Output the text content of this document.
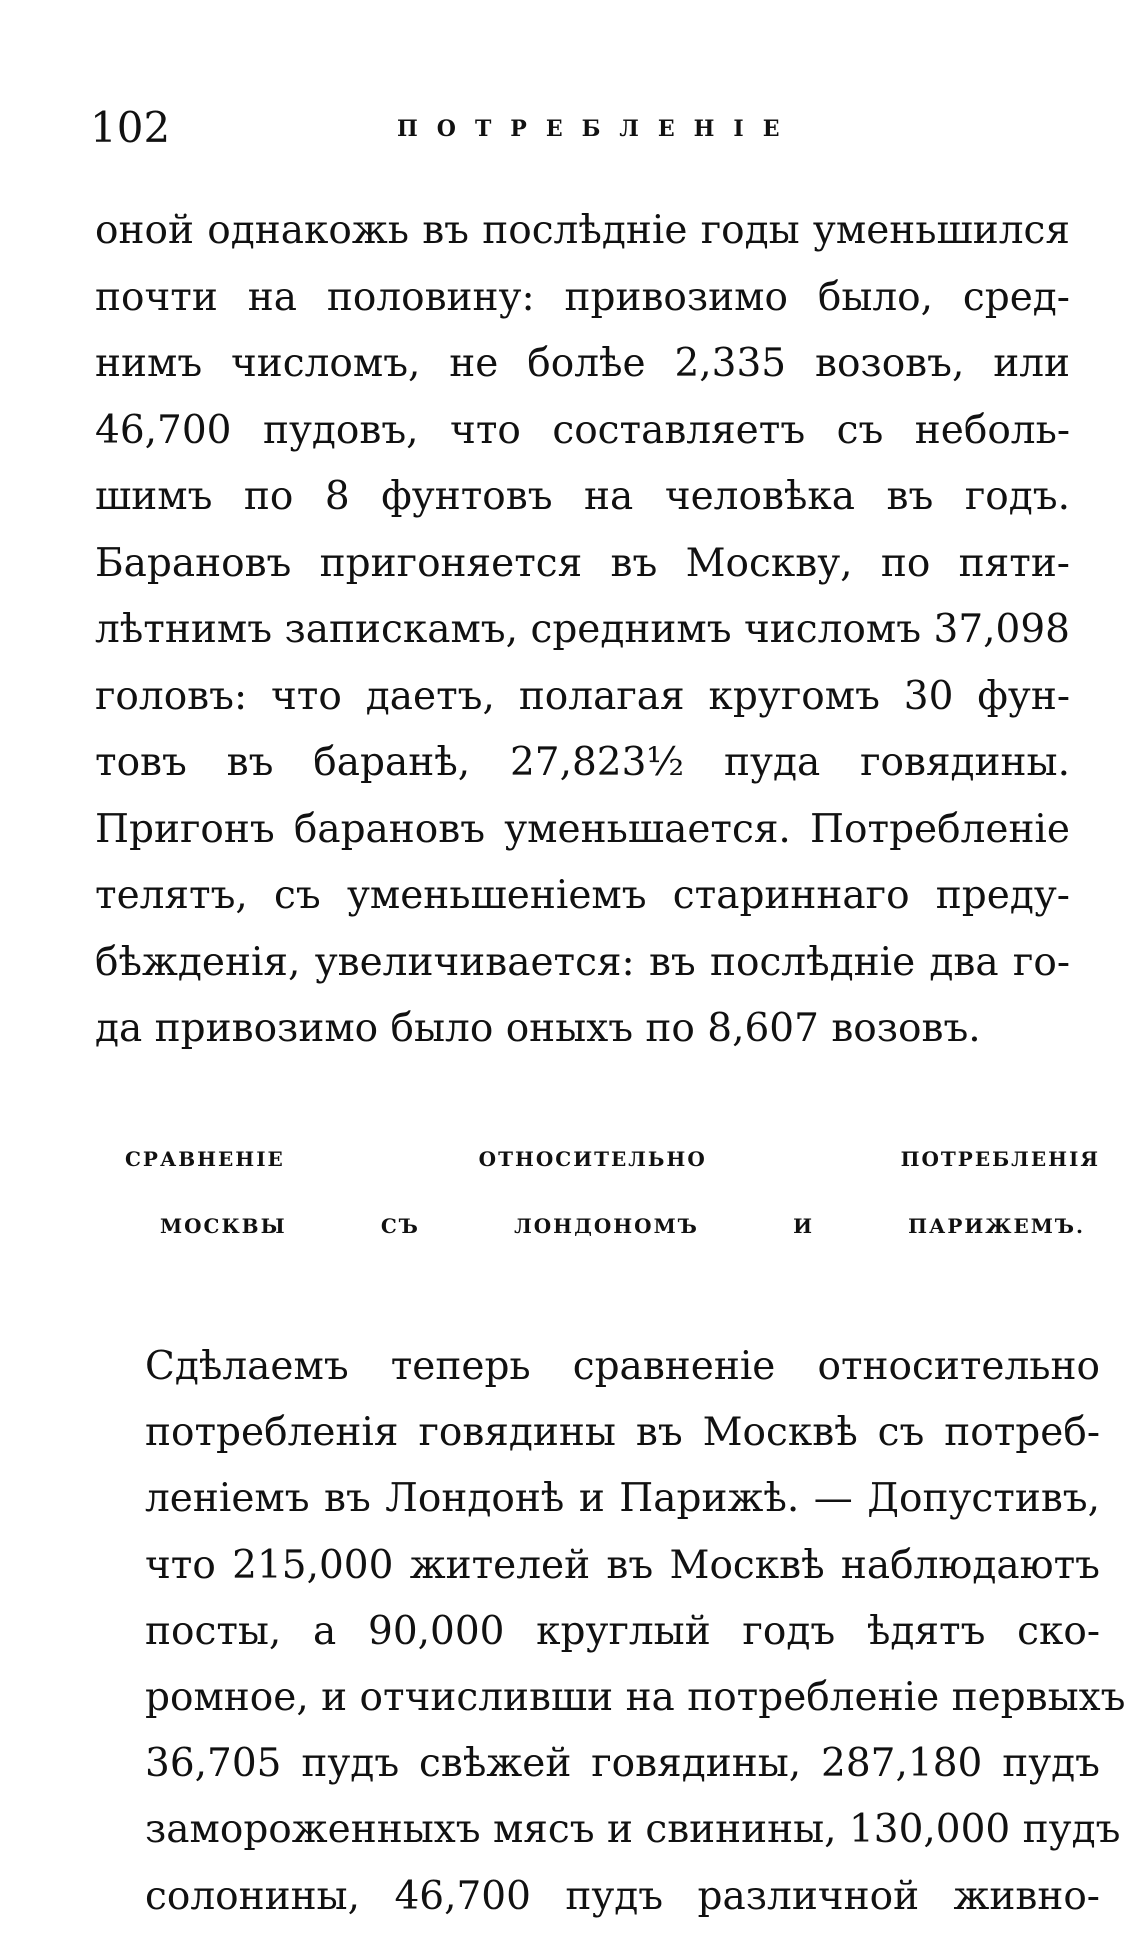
102	ПОТРЕБЛЕНІЕ
оной однакожь въ послѣдніе годы уменьшился
почти на половину: привозимо было, сред-
нимъ числомъ, не болѣе 2,335 возовъ, или
46,700 пудовъ, что составляетъ съ неболь-
шимъ по 8 фунтовъ на человѣка въ годъ.
Барановъ пригоняется въ Москву, по пяти-
лѣтнимъ запискамъ, среднимъ числомъ 37,098
головъ: что даетъ, полагая кругомъ 30 фун-
товъ въ баранѣ, 27,823½ пуда говядины.
Пригонъ барановъ уменьшается. Потребленіе
телятъ, съ уменьшеніемъ стариннаго преду-
бѣжденія, увеличивается: въ послѣдніе два го-
да привозимо было оныхъ по 8,607 возовъ.
СРАВНЕНІЕ ОТНОСИТЕЛЬНО ПОТРЕБЛЕНІЯ
МОСКВЫ СЪ ЛОНДОНОМЪ И ПАРИЖЕМЪ.
Сдѣлаемъ теперь сравненіе относительно
потребленія говядины въ Москвѣ съ потреб-
леніемъ въ Лондонѣ и Парижѣ. — Допустивъ,
что 215,000 жителей въ Москвѣ наблюдаютъ
посты, а 90,000 круглый годъ ѣдятъ ско-
ромное, и отчисливши на потребленіе первыхъ
36,705 пудъ свѣжей говядины, 287,180 пудъ
замороженныхъ мясъ и свинины, 130,000 пудъ
солонины, 46,700 пудъ различной живно-
